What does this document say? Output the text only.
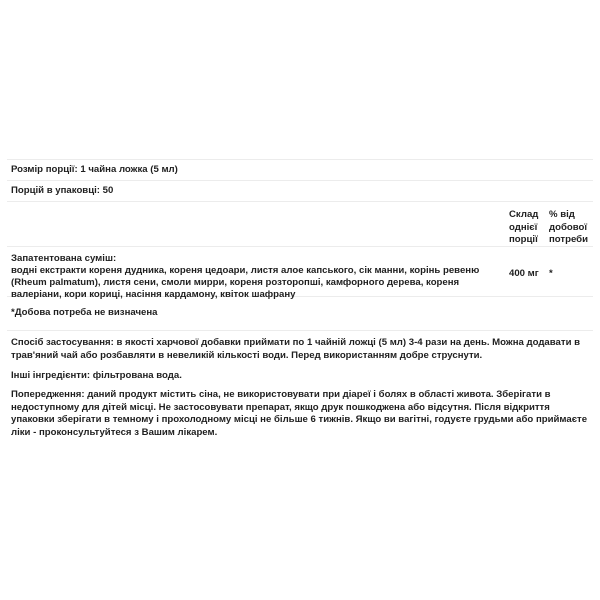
Розмір порції: 1 чайна ложка (5 мл)
Порцій в упаковці: 50
Склад
однієї
порції
% від
добової
потреби
Запатентована суміш:
водні екстракти кореня дудника, кореня цедоари, листя алое капського, сік манни, корінь ревеню (Rheum palmatum), листя сени, смоли мирри, кореня розторопші, камфорного дерева, кореня валеріани, кори кориці, насіння кардамону, квіток шафрану
400 мг	*
*Добова потреба не визначена

Спосіб застосування: в якості харчової добавки приймати по 1 чайній ложці (5 мл) 3-4 рази на день. Можна додавати в трав'яний чай або розбавляти в невеликій кількості води. Перед використанням добре струснути.

Інші інгредієнти: фільтрована вода.

Попередження: даний продукт містить сіна, не використовувати при діареї і болях в області живота. Зберігати в недоступному для дітей місці. Не застосовувати препарат, якщо друк пошкоджена або відсутня. Після відкриття упаковки зберігати в темному і прохолодному місці не більше 6 тижнів. Якщо ви вагітні, годуєте грудьми або приймаєте ліки - проконсультуйтеся з Вашим лікарем.
